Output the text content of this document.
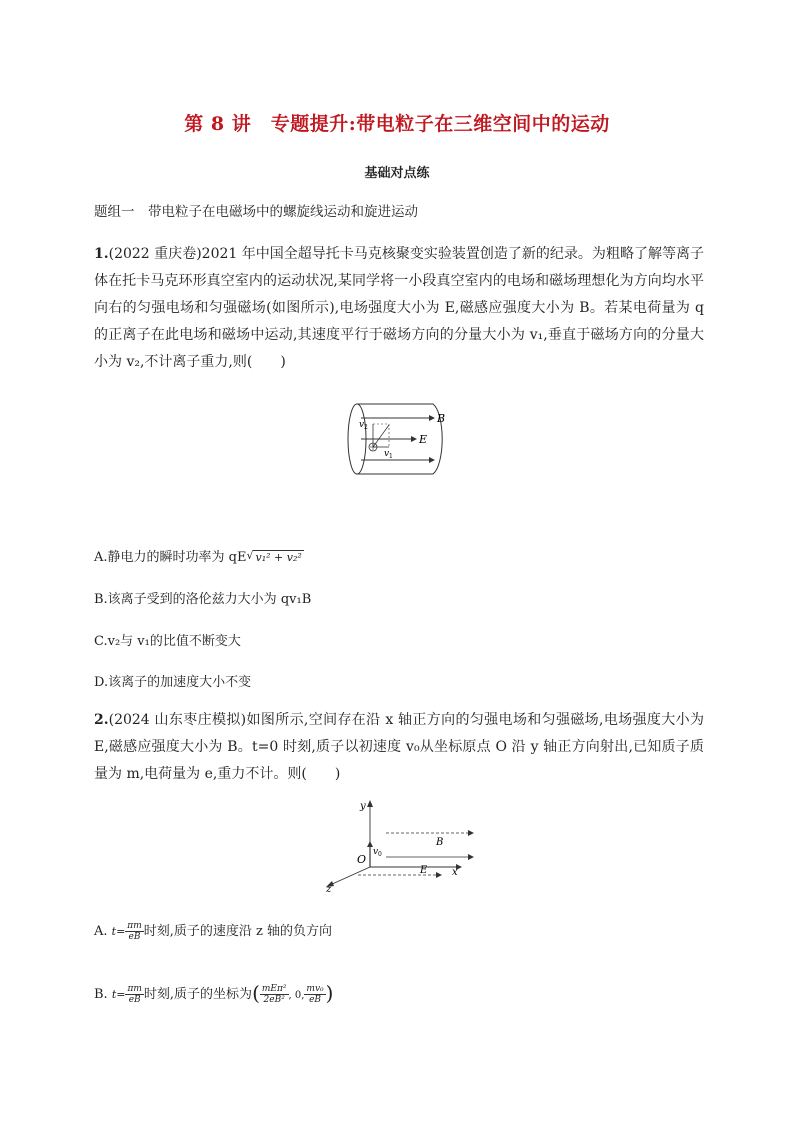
第 8 讲　专题提升:带电粒子在三维空间中的运动
基础对点练
题组一　带电粒子在电磁场中的螺旋线运动和旋进运动
1.(2022 重庆卷)2021 年中国全超导托卡马克核聚变实验装置创造了新的纪录。为粗略了解等离子体在托卡马克环形真空室内的运动状况,某同学将一小段真空室内的电场和磁场理想化为方向均水平向右的匀强电场和匀强磁场(如图所示),电场强度大小为 E,磁感应强度大小为 B。若某电荷量为 q 的正离子在此电场和磁场中运动,其速度平行于磁场方向的分量大小为 v₁,垂直于磁场方向的分量大小为 v₂,不计离子重力,则(　　)
B
E
v 2
v 1
A.静电力的瞬时功率为 qE√ v₁² + v₂²
B.该离子受到的洛伦兹力大小为 qv₁B
C.v₂与 v₁的比值不断变大
D.该离子的加速度大小不变
2.(2024 山东枣庄模拟)如图所示,空间存在沿 x 轴正方向的匀强电场和匀强磁场,电场强度大小为 E,磁感应强度大小为 B。t=0 时刻,质子以初速度 v₀从坐标原点 O 沿 y 轴正方向射出,已知质子质量为 m,电荷量为 e,重力不计。则(　　)
y
x
z
O
v 0
B
E
A. $t= \frac{\pi m}{eB}$ 时刻,质子的速度沿 z 轴的负方向
B. $t= \frac{\pi m}{eB}$ 时刻,质子的坐标为( $\frac{\text{mEπ²}}{\text{2eB²}}$ , 0, $\frac{\text{mv₀}}{eB}$ )
